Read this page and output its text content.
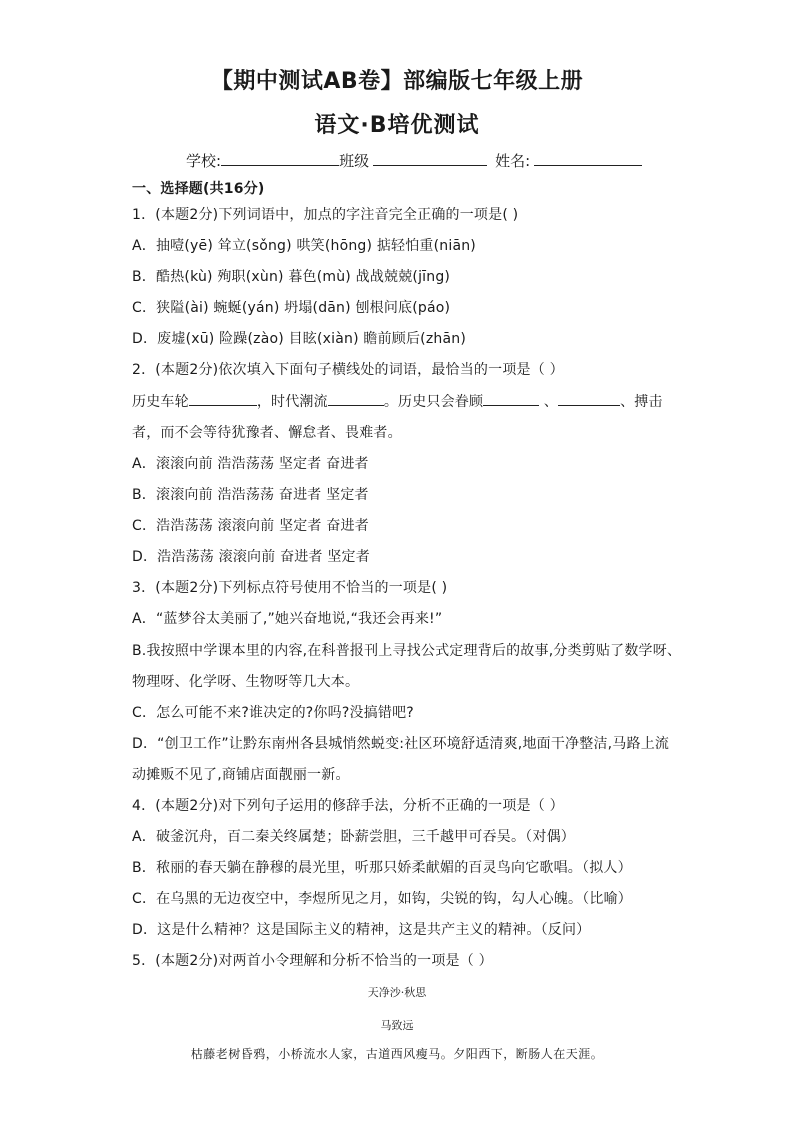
【期中测试AB卷】部编版七年级上册
语文·B培优测试
学校:	班级	姓名:
一、选择题(共16分)
1．(本题2分)下列词语中，加点的字注音完全正确的一项是( )
A．抽噎(yē) 耸立(sǒng) 哄笑(hōng) 掂轻怕重(niān)
B．酷热(kù) 殉职(xùn) 暮色(mù) 战战兢兢(jīng)
C．狭隘(ài) 蜿蜒(yán) 坍塌(dān) 刨根问底(páo)
D．废墟(xū) 险躁(zào) 目眩(xiàn) 瞻前顾后(zhān)
2．(本题2分)依次填入下面句子横线处的词语，最恰当的一项是（ ）
历史车轮	，时代潮流	。历史只会眷顾	、	、搏击
者，而不会等待犹豫者、懈怠者、畏难者。
A．滚滚向前 浩浩荡荡 坚定者 奋进者
B．滚滚向前 浩浩荡荡 奋进者 坚定者
C．浩浩荡荡 滚滚向前 坚定者 奋进者
D．浩浩荡荡 滚滚向前 奋进者 坚定者
3．(本题2分)下列标点符号使用不恰当的一项是( )
A．“蓝梦谷太美丽了,”她兴奋地说,“我还会再来!”
B.我按照中学课本里的内容,在科普报刊上寻找公式定理背后的故事,分类剪贴了数学呀、
物理呀、化学呀、生物呀等几大本。
C．怎么可能不来?谁决定的?你吗?没搞错吧?
D．“创卫工作”让黔东南州各县城悄然蜕变:社区环境舒适清爽,地面干净整洁,马路上流
动摊贩不见了,商铺店面靓丽一新。
4．(本题2分)对下列句子运用的修辞手法，分析不正确的一项是（ ）
A．破釜沉舟，百二秦关终属楚；卧薪尝胆，三千越甲可吞吴。（对偶）
B．秾丽的春天躺在静穆的晨光里，听那只娇柔献媚的百灵鸟向它歌唱。（拟人）
C．在乌黑的无边夜空中，李煜所见之月，如钩，尖锐的钩，勾人心魄。（比喻）
D．这是什么精神？这是国际主义的精神，这是共产主义的精神。（反问）
5．(本题2分)对两首小令理解和分析不恰当的一项是（ ）
天净沙·秋思
马致远
枯藤老树昏鸦，小桥流水人家，古道西风瘦马。夕阳西下，断肠人在天涯。
